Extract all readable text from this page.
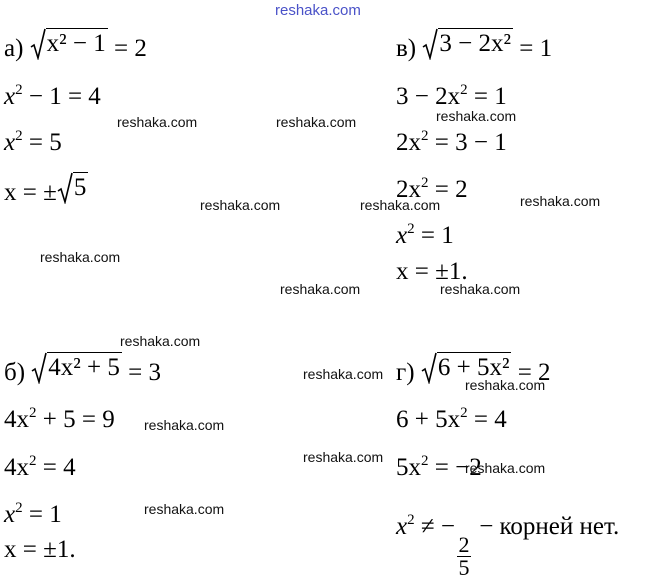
reshaka.com
а) x² − 1 = 2
$x^2 - 1 = 4$
$x^2 = 5$
x = ± 5
в) 3 − 2x² = 1
$3 - 2x^2 = 1$
$2x^2 = 3 - 1$
$2x^2 = 2$
$x^2 = 1$
x = ±1.
б) 4x² + 5 = 3
$4x^2 + 5 = 9$
$4x^2 = 4$
$x^2 = 1$
x = ±1.
г) 6 + 5x² = 2
$6 + 5x^2 = 4$
$5x^2 = -2$
$x^2$ ≠ −
$\frac{2}{5}$
− корней нет.
reshaka.com	reshaka.com	reshaka.com
reshaka.com	reshaka.com	reshaka.com
reshaka.com
reshaka.com	reshaka.com
reshaka.com
reshaka.com
reshaka.com
reshaka.com
reshaka.com
reshaka.com
reshaka.com
